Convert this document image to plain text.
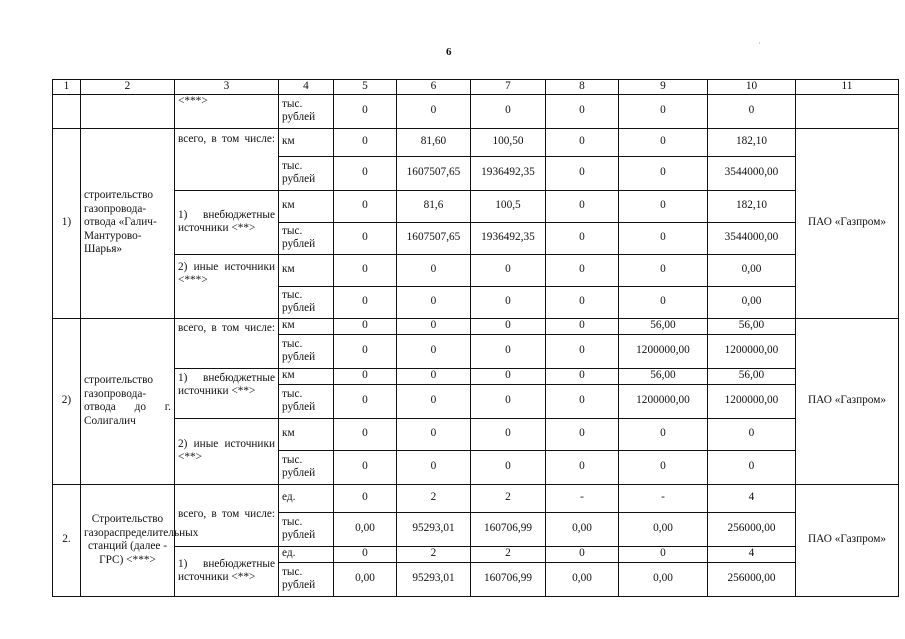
6
·
1	2	3	4	5	6	7	8	9	10	11
		<***>	тыс. рублей	0	0	0	0	0	0	
1)	строительство газопровода-отвода «Галич-Мантурово-Шарья»	всего, в том числе:	км	0	81,60	100,50	0	0	182,10	ПАО «Газпром»
			тыс. рублей	0	1607507,65	1936492,35	0	0	3544000,00	
		1) внебюджетные источники <**>	км	0	81,6	100,5	0	0	182,10	
			тыс. рублей	0	1607507,65	1936492,35	0	0	3544000,00	
		2) иные источники <***>	км	0	0	0	0	0	0,00	
			тыс. рублей	0	0	0	0	0	0,00	
2)	строительство газопровода-отвода до г. Солигалич	всего, в том числе:	км	0	0	0	0	56,00	56,00	ПАО «Газпром»
			тыс. рублей	0	0	0	0	1200000,00	1200000,00	
		1) внебюджетные источники <**>	км	0	0	0	0	56,00	56,00	
			тыс. рублей	0	0	0	0	1200000,00	1200000,00	
		2) иные источники <**>	км	0	0	0	0	0	0	
			тыс. рублей	0	0	0	0	0	0	
2.	Строительство газораспределительных станций (далее - ГРС) <***>	всего, в том числе:	ед.	0	2	2	-	-	4	ПАО «Газпром»
			тыс. рублей	0,00	95293,01	160706,99	0,00	0,00	256000,00	
		1) внебюджетные источники <**>	ед.	0	2	2	0	0	4	
			тыс. рублей	0,00	95293,01	160706,99	0,00	0,00	256000,00	
